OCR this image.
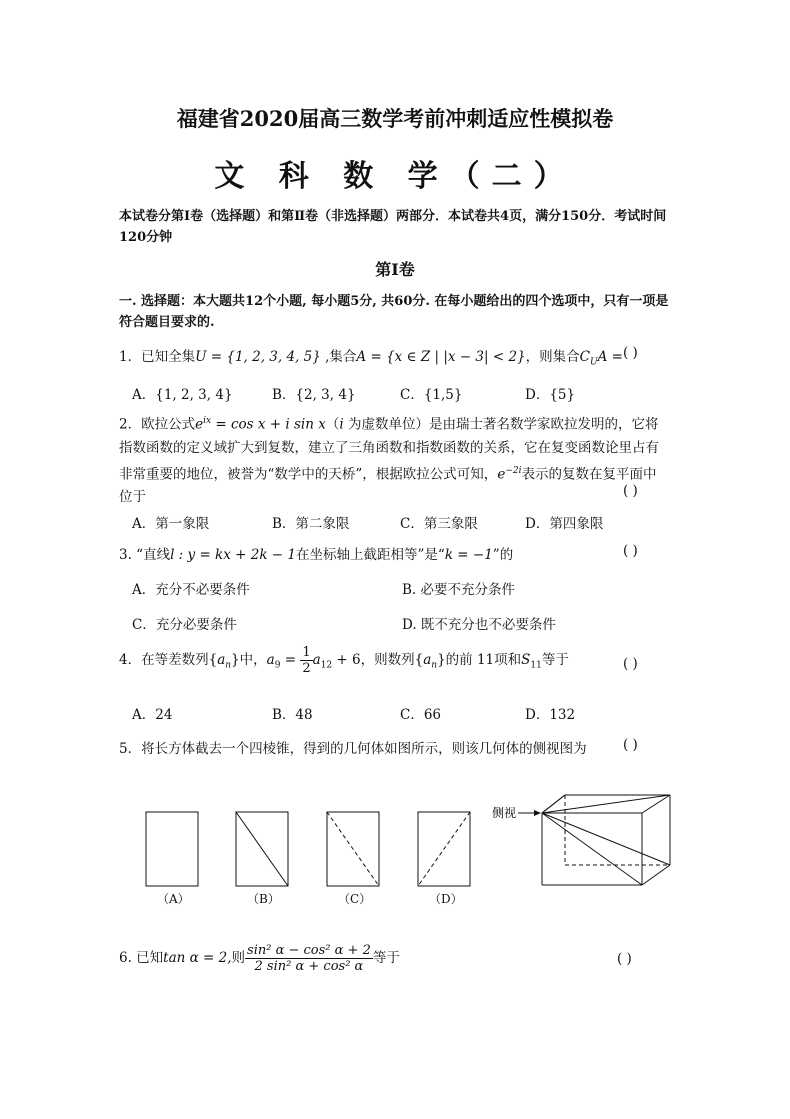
福建省2020届高三数学考前冲刺适应性模拟卷
文 科 数 学（二）
本试卷分第Ⅰ卷（选择题）和第Ⅱ卷（非选择题）两部分．本试卷共4页，满分150分．考试时间120分钟
第Ⅰ卷
一. 选择题：本大题共12个小题, 每小题5分, 共60分. 在每小题给出的四个选项中，只有一项是符合题目要求的.
1．已知全集U = {1, 2, 3, 4, 5} ,集合A = {x ∈ Z | |x − 3| < 2}，则集合$C_UA$ = ( )
A．{1, 2, 3, 4}	B．{2, 3, 4}	C．{1,5}	D．{5}
2．欧拉公式$e^{ix} = \cos x + i$ sin x（i 为虚数单位）是由瑞士著名数学家欧拉发明的，它将指数函数的定义域扩大到复数，建立了三角函数和指数函数的关系，它在复变函数论里占有非常重要的地位，被誉为“数学中的天桥”，根据欧拉公式可知，$e^{-2i}$表示的复数在复平面中位于	( )
A．第一象限	B．第二象限	C．第三象限	D．第四象限
3. “直线l : y = kx + 2k − 1在坐标轴上截距相等”是“k = −1”的	( )
A．充分不必要条件	B. 必要不充分条件
C．充分必要条件	D. 既不充分也不必要条件
4．在等差数列$\{a_n\}$中，$a_9 = \frac{1}{2} a_{12} + 6$，则数列$\{a_n\}$的前 11项和$S_{11}$等于	( )
A．24	B．48	C．66	D．132
5．将长方体截去一个四棱锥，得到的几何体如图所示，则该几何体的侧视图为	( )
侧视
（A）	（B）	（C）	（D）
6. 已知tan α = 2,则 $\frac{\text{sin² α − cos² α + 2}}{\text{2 sin² α + cos² α}}$ 等于	( )
